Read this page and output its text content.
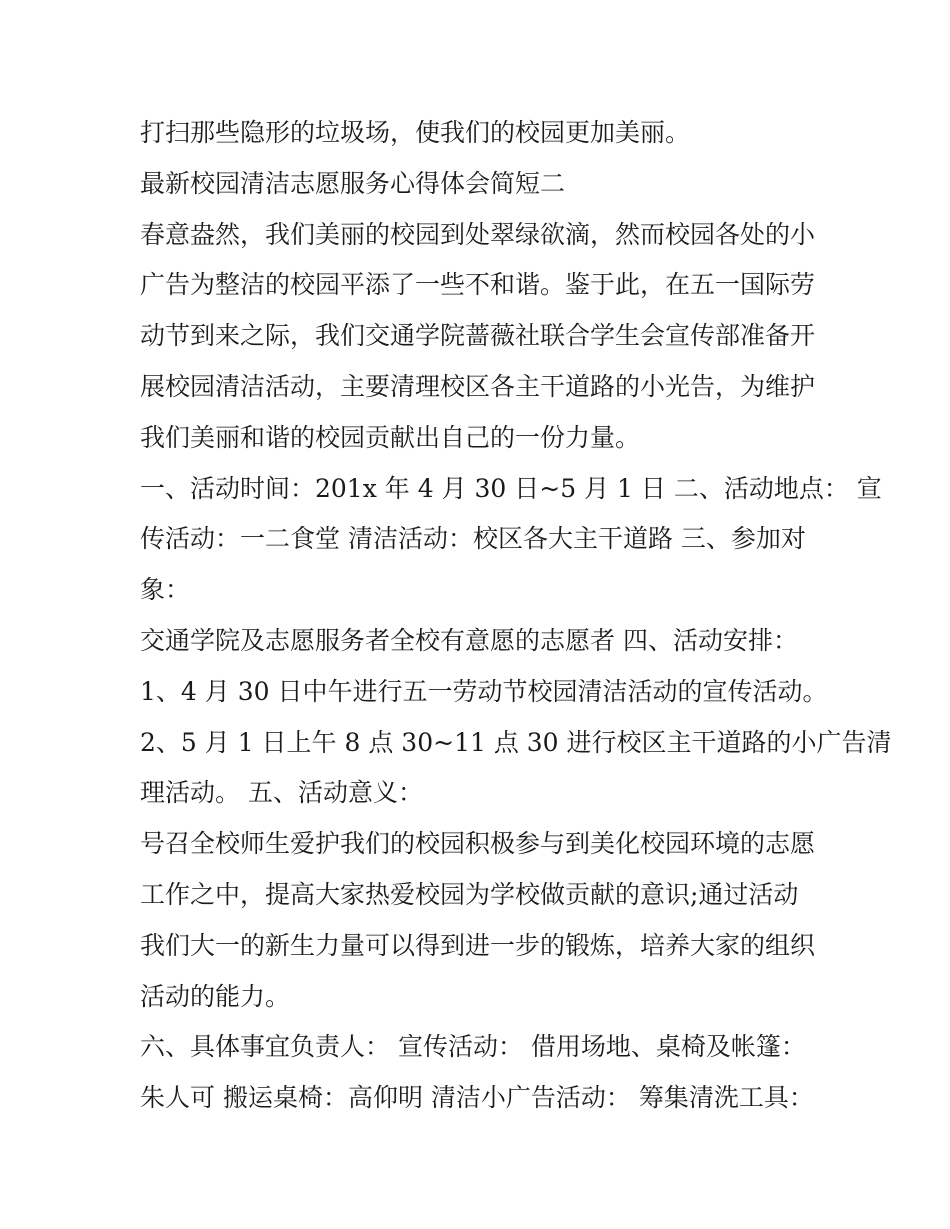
打扫那些隐形的垃圾场，使我们的校园更加美丽。
最新校园清洁志愿服务心得体会简短二
春意盎然，我们美丽的校园到处翠绿欲滴，然而校园各处的小
广告为整洁的校园平添了一些不和谐。鉴于此，在五一国际劳
动节到来之际，我们交通学院蔷薇社联合学生会宣传部准备开
展校园清洁活动，主要清理校区各主干道路的小光告，为维护
我们美丽和谐的校园贡献出自己的一份力量。
一、活动时间：201x 年 4 月 30 日~5 月 1 日 二、活动地点： 宣
传活动：一二食堂 清洁活动：校区各大主干道路 三、参加对
象：
交通学院及志愿服务者全校有意愿的志愿者 四、活动安排：
1、4 月 30 日中午进行五一劳动节校园清洁活动的宣传活动。
2、5 月 1 日上午 8 点 30~11 点 30 进行校区主干道路的小广告清
理活动。 五、活动意义：
号召全校师生爱护我们的校园积极参与到美化校园环境的志愿
工作之中，提高大家热爱校园为学校做贡献的意识;通过活动
我们大一的新生力量可以得到进一步的锻炼，培养大家的组织
活动的能力。
六、具体事宜负责人： 宣传活动： 借用场地、桌椅及帐篷：
朱人可 搬运桌椅：高仰明 清洁小广告活动： 筹集清洗工具：
